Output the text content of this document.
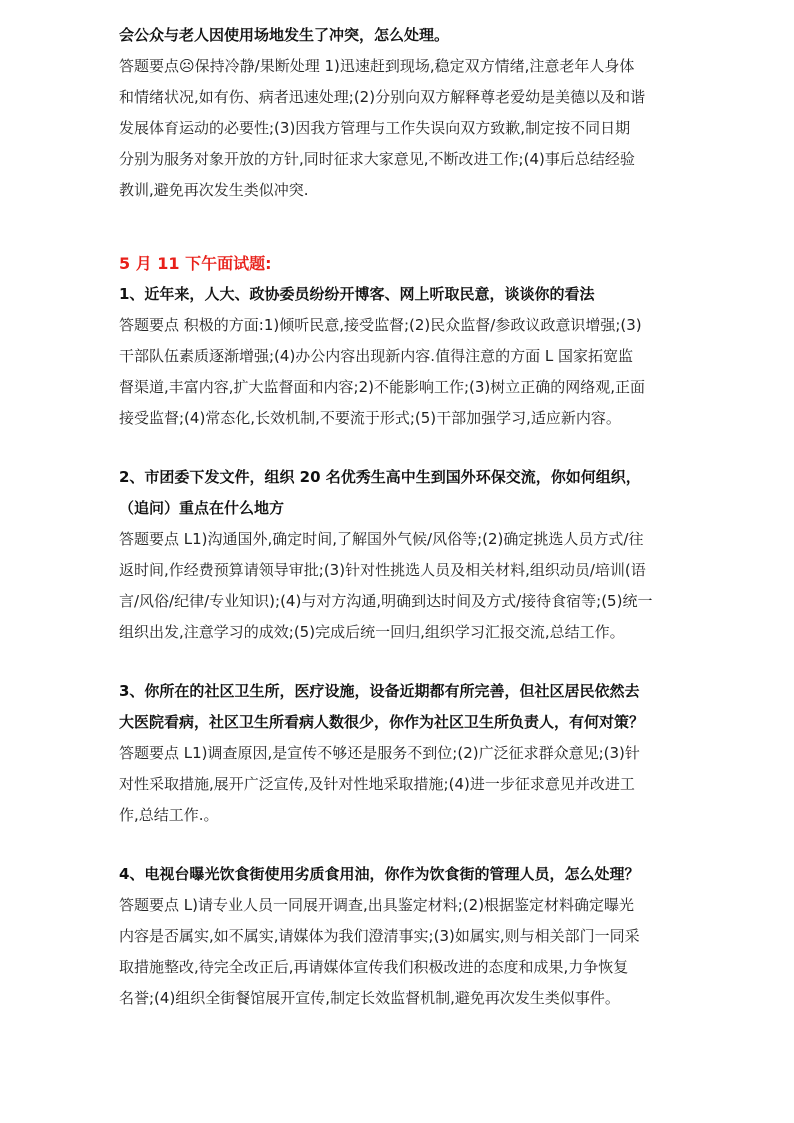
会公众与老人因使用场地发生了冲突，怎么处理。
答题要点☹保持冷静/果断处理 1)迅速赶到现场,稳定双方情绪,注意老年人身体
和情绪状况,如有伤、病者迅速处理;(2)分别向双方解释尊老爱幼是美德以及和谐
发展体育运动的必要性;(3)因我方管理与工作失误向双方致歉,制定按不同日期
分别为服务对象开放的方针,同时征求大家意见,不断改进工作;(4)事后总结经验
教训,避免再次发生类似冲突.
5 月 11 下午面试题:
1、近年来，人大、政协委员纷纷开博客、网上听取民意，谈谈你的看法
答题要点 积极的方面:1)倾听民意,接受监督;(2)民众监督/参政议政意识增强;(3)
干部队伍素质逐渐增强;(4)办公内容出现新内容.值得注意的方面 L 国家拓宽监
督渠道,丰富内容,扩大监督面和内容;2)不能影响工作;(3)树立正确的网络观,正面
接受监督;(4)常态化,长效机制,不要流于形式;(5)干部加强学习,适应新内容。
2、市团委下发文件，组织 20 名优秀生高中生到国外环保交流，你如何组织，
（追问）重点在什么地方
答题要点 L1)沟通国外,确定时间,了解国外气候/风俗等;(2)确定挑选人员方式/往
返时间,作经费预算请领导审批;(3)针对性挑选人员及相关材料,组织动员/培训(语
言/风俗/纪律/专业知识);(4)与对方沟通,明确到达时间及方式/接待食宿等;(5)统一
组织出发,注意学习的成效;(5)完成后统一回归,组织学习汇报交流,总结工作。
3、你所在的社区卫生所，医疗设施，设备近期都有所完善，但社区居民依然去
大医院看病，社区卫生所看病人数很少，你作为社区卫生所负责人，有何对策？
答题要点 L1)调查原因,是宣传不够还是服务不到位;(2)广泛征求群众意见;(3)针
对性采取措施,展开广泛宣传,及针对性地采取措施;(4)进一步征求意见并改进工
作,总结工作.。
4、电视台曝光饮食街使用劣质食用油，你作为饮食街的管理人员，怎么处理？
答题要点 L)请专业人员一同展开调查,出具鉴定材料;(2)根据鉴定材料确定曝光
内容是否属实,如不属实,请媒体为我们澄清事实;(3)如属实,则与相关部门一同采
取措施整改,待完全改正后,再请媒体宣传我们积极改进的态度和成果,力争恢复
名誉;(4)组织全街餐馆展开宣传,制定长效监督机制,避免再次发生类似事件。
